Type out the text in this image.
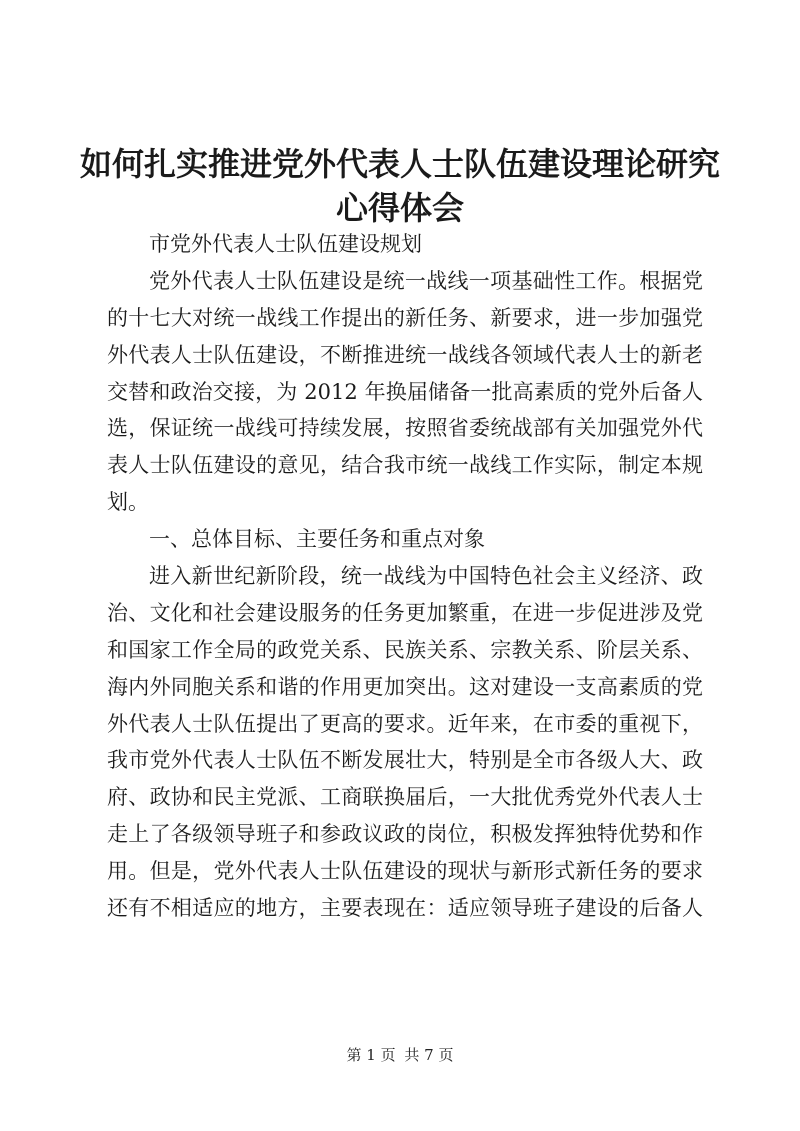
如何扎实推进党外代表人士队伍建设理论研究
心得体会
市党外代表人士队伍建设规划
党外代表人士队伍建设是统一战线一项基础性工作。根据党
的十七大对统一战线工作提出的新任务、新要求，进一步加强党
外代表人士队伍建设，不断推进统一战线各领域代表人士的新老
交替和政治交接，为 2012 年换届储备一批高素质的党外后备人
选，保证统一战线可持续发展，按照省委统战部有关加强党外代
表人士队伍建设的意见，结合我市统一战线工作实际，制定本规
划。
一、总体目标、主要任务和重点对象
进入新世纪新阶段，统一战线为中国特色社会主义经济、政
治、文化和社会建设服务的任务更加繁重，在进一步促进涉及党
和国家工作全局的政党关系、民族关系、宗教关系、阶层关系、
海内外同胞关系和谐的作用更加突出。这对建设一支高素质的党
外代表人士队伍提出了更高的要求。近年来，在市委的重视下，
我市党外代表人士队伍不断发展壮大，特别是全市各级人大、政
府、政协和民主党派、工商联换届后，一大批优秀党外代表人士
走上了各级领导班子和参政议政的岗位，积极发挥独特优势和作
用。但是，党外代表人士队伍建设的现状与新形式新任务的要求
还有不相适应的地方，主要表现在：适应领导班子建设的后备人
第 1 页 共 7 页
